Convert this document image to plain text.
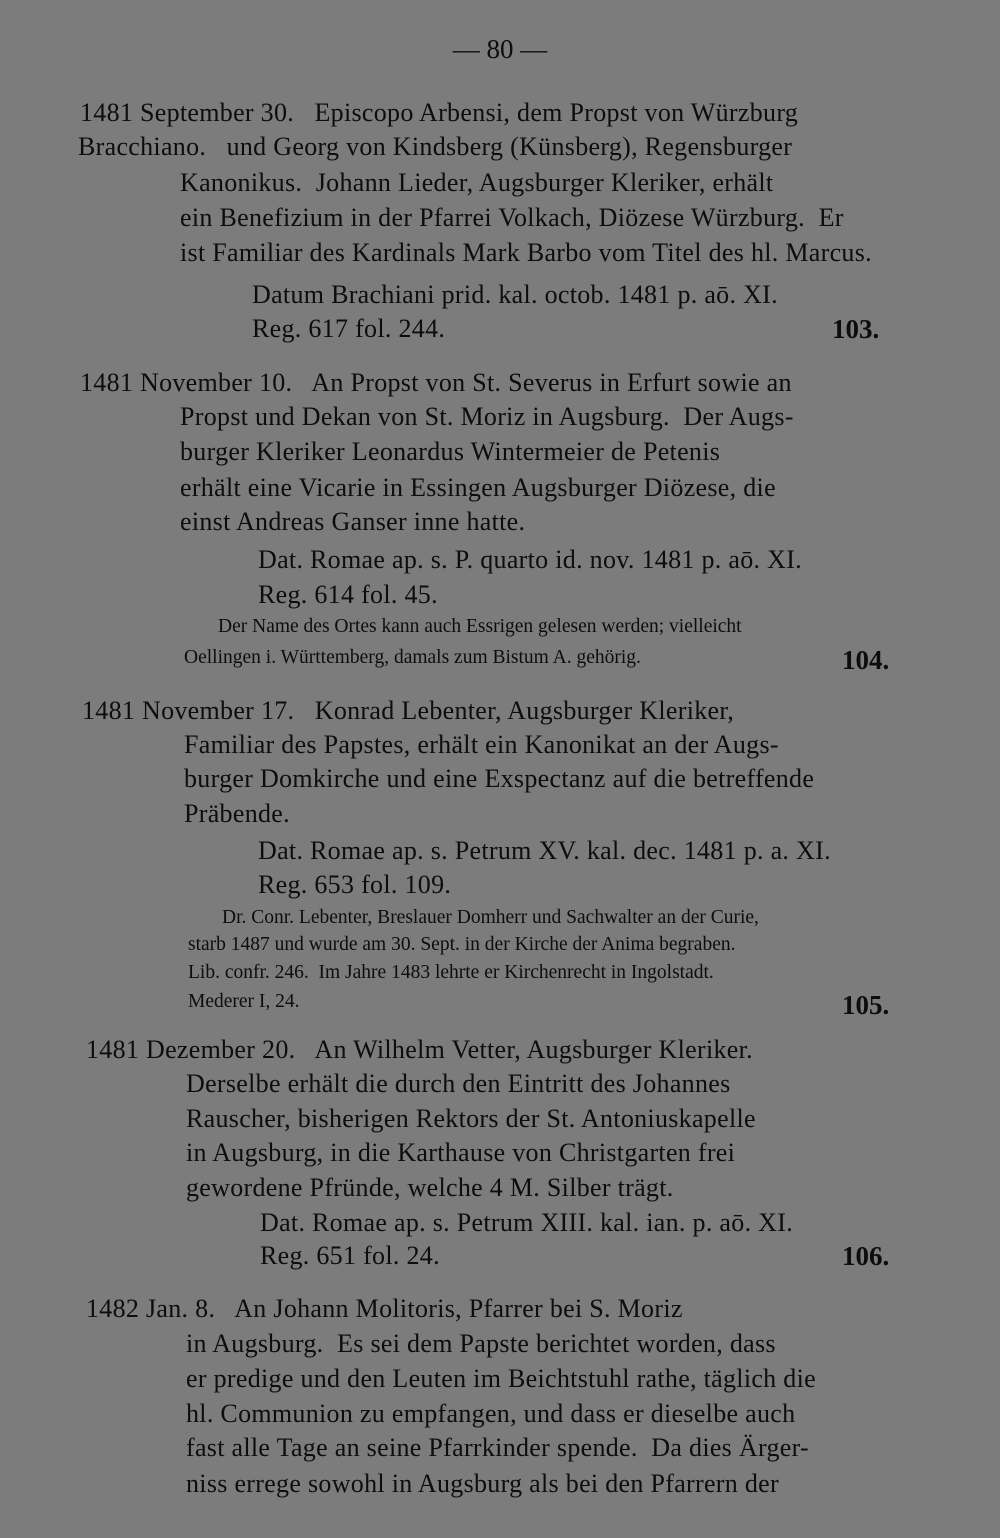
— 80 —
1481 September 30.   Episcopo Arbensi, dem Propst von Würzburg
Bracchiano.   und Georg von Kindsberg (Künsberg), Regensburger
Kanonikus.  Johann Lieder, Augsburger Kleriker, erhält
ein Benefizium in der Pfarrei Volkach, Diözese Würzburg.  Er
ist Familiar des Kardinals Mark Barbo vom Titel des hl. Marcus.
Datum Brachiani prid. kal. octob. 1481 p. aō. XI.
Reg. 617 fol. 244.	103.
1481 November 10.   An Propst von St. Severus in Erfurt sowie an
Propst und Dekan von St. Moriz in Augsburg.  Der Augs-
burger Kleriker Leonardus Wintermeier de Petenis
erhält eine Vicarie in Essingen Augsburger Diözese, die
einst Andreas Ganser inne hatte.
Dat. Romae ap. s. P. quarto id. nov. 1481 p. aō. XI.
Reg. 614 fol. 45.
Der Name des Ortes kann auch Essrigen gelesen werden; vielleicht
Oellingen i. Württemberg, damals zum Bistum A. gehörig.	104.
1481 November 17.   Konrad Lebenter, Augsburger Kleriker,
Familiar des Papstes, erhält ein Kanonikat an der Augs-
burger Domkirche und eine Exspectanz auf die betreffende
Präbende.
Dat. Romae ap. s. Petrum XV. kal. dec. 1481 p. a. XI.
Reg. 653 fol. 109.
Dr. Conr. Lebenter, Breslauer Domherr und Sachwalter an der Curie,
starb 1487 und wurde am 30. Sept. in der Kirche der Anima begraben.
Lib. confr. 246.  Im Jahre 1483 lehrte er Kirchenrecht in Ingolstadt.
Mederer I, 24.	105.
1481 Dezember 20.   An Wilhelm Vetter, Augsburger Kleriker.
Derselbe erhält die durch den Eintritt des Johannes
Rauscher, bisherigen Rektors der St. Antoniuskapelle
in Augsburg, in die Karthause von Christgarten frei
gewordene Pfründe, welche 4 M. Silber trägt.
Dat. Romae ap. s. Petrum XIII. kal. ian. p. aō. XI.
Reg. 651 fol. 24.	106.
1482 Jan. 8.   An Johann Molitoris, Pfarrer bei S. Moriz
in Augsburg.  Es sei dem Papste berichtet worden, dass
er predige und den Leuten im Beichtstuhl rathe, täglich die
hl. Communion zu empfangen, und dass er dieselbe auch
fast alle Tage an seine Pfarrkinder spende.  Da dies Ärger-
niss errege sowohl in Augsburg als bei den Pfarrern der
